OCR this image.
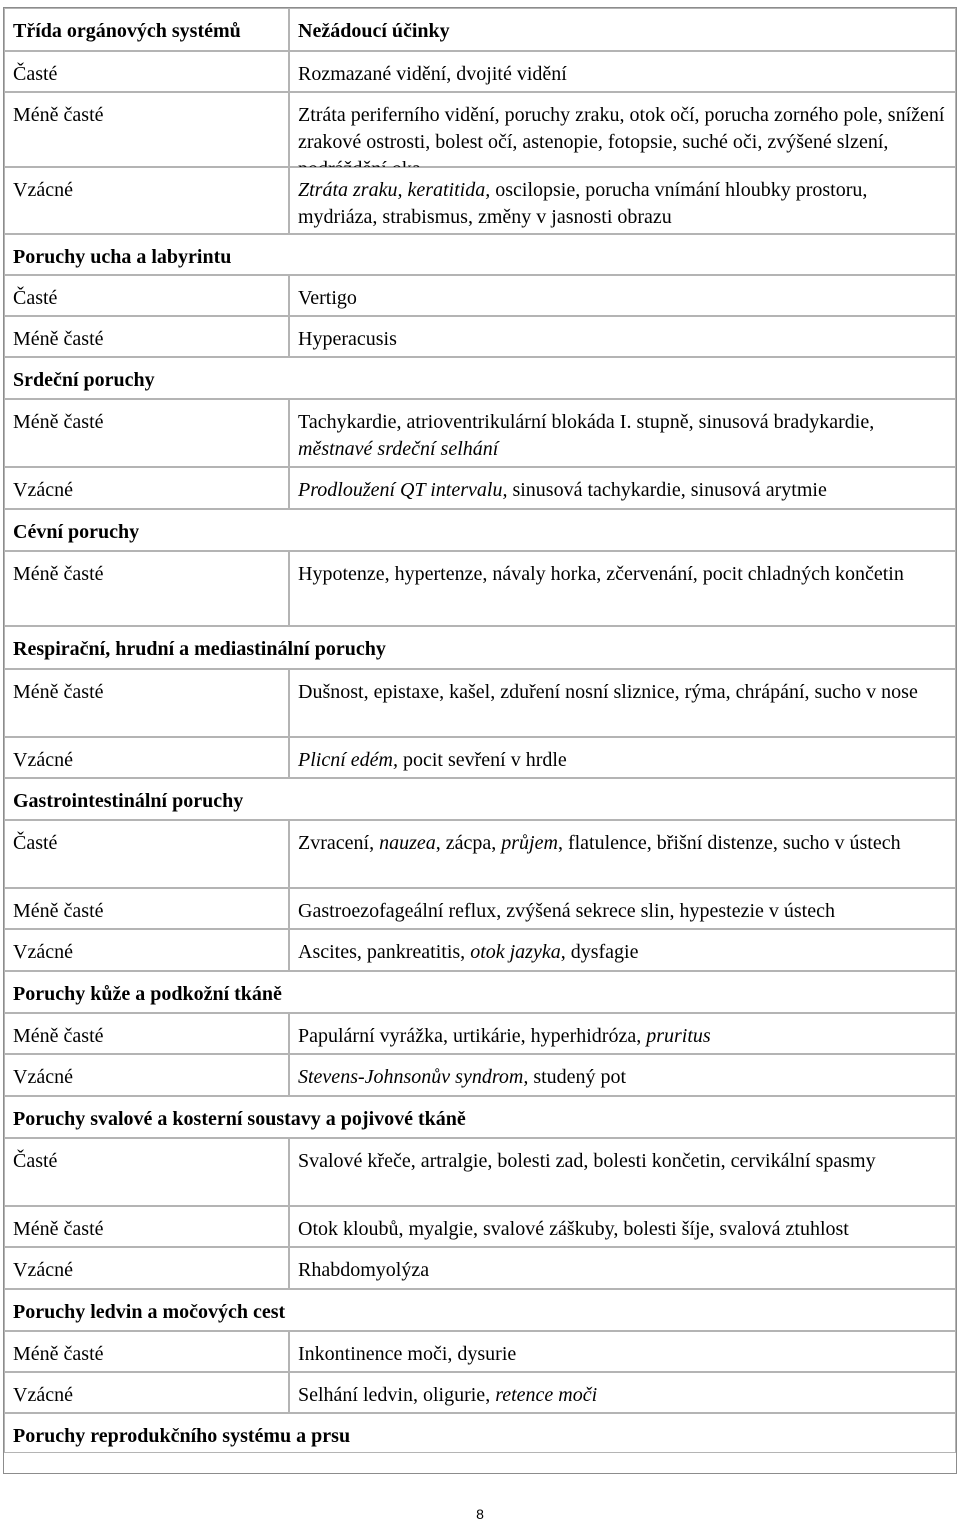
Třída orgánových systémů	Nežádoucí účinky
Časté	Rozmazané vidění, dvojité vidění
Méně časté	Ztráta periferního vidění, poruchy zraku, otok očí, porucha zorného pole, snížení zrakové ostrosti, bolest očí, astenopie, fotopsie, suché oči, zvýšené slzení,
Vzácné	Ztráta zraku, keratitida, oscilopsie, porucha vnímání hloubky prostoru, mydriáza, strabismus, změny v jasnosti obrazu
Poruchy ucha a labyrintu
Časté	Vertigo
Méně časté	Hyperacusis
Srdeční poruchy
Méně časté	Tachykardie, atrioventrikulární blokáda I. stupně, sinusová bradykardie, městnavé srdeční selhání
Vzácné	Prodloužení QT intervalu, sinusová tachykardie, sinusová arytmie
Cévní poruchy
Méně časté	Hypotenze, hypertenze, návaly horka, zčervenání, pocit chladných končetin
Respirační, hrudní a mediastinální poruchy
Méně časté	Dušnost, epistaxe, kašel, zduření nosní sliznice, rýma, chrápání, sucho v nose
Vzácné	Plicní edém, pocit sevření v hrdle
Gastrointestinální poruchy
Časté	Zvracení, nauzea, zácpa, průjem, flatulence, břišní distenze, sucho v ústech
Méně časté	Gastroezofageální reflux, zvýšená sekrece slin, hypestezie v ústech
Vzácné	Ascites, pankreatitis, otok jazyka, dysfagie
Poruchy kůže a podkožní tkáně
Méně časté	Papulární vyrážka, urtikárie, hyperhidróza, pruritus
Vzácné	Stevens-Johnsonův syndrom, studený pot
Poruchy svalové a kosterní soustavy a pojivové tkáně
Časté	Svalové křeče, artralgie, bolesti zad, bolesti končetin, cervikální spasmy
Méně časté	Otok kloubů, myalgie, svalové záškuby, bolesti šíje, svalová ztuhlost
Vzácné	Rhabdomyolýza
Poruchy ledvin a močových cest
Méně časté	Inkontinence moči, dysurie
Vzácné	Selhání ledvin, oligurie, retence moči
Poruchy reprodukčního systému a prsu
8
